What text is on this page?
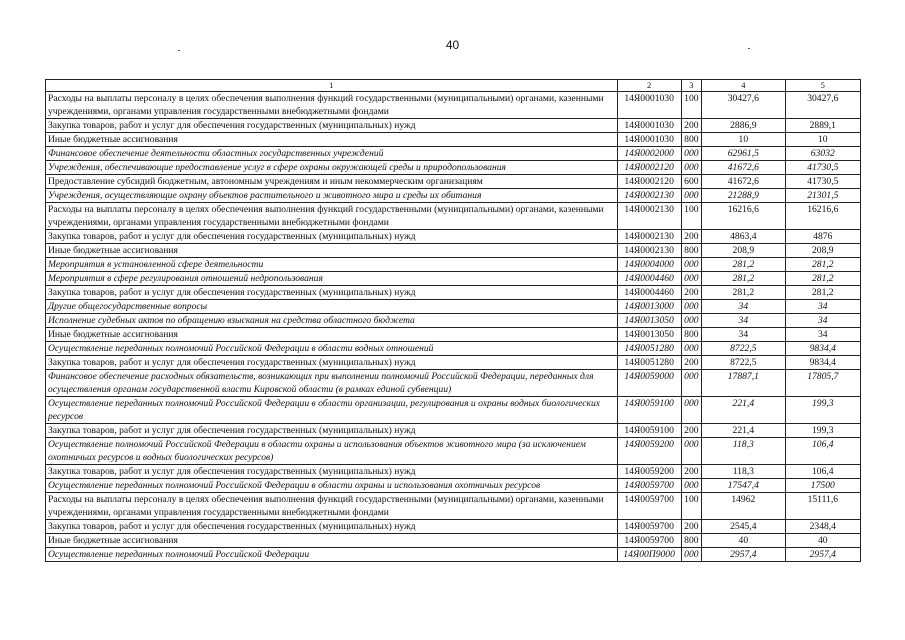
40
1	2	3	4	5
Расходы на выплаты персоналу в целях обеспечения выполнения функций государственными (муниципальными) органами, казенными учреждениями, органами управления государственными внебюджетными фондами	14Я0001030	100	30427,6	30427,6
Закупка товаров, работ и услуг для обеспечения государственных (муниципальных) нужд	14Я0001030	200	2886,9	2889,1
Иные бюджетные ассигнования	14Я0001030	800	10	10
Финансовое обеспечение деятельности областных государственных учреждений	14Я0002000	000	62961,5	63032
Учреждения, обеспечивающие предоставление услуг в сфере охраны окружающей среды и природопользования	14Я0002120	000	41672,6	41730,5
Предоставление субсидий бюджетным, автономным учреждениям и иным некоммерческим организациям	14Я0002120	600	41672,6	41730,5
Учреждения, осуществляющие охрану объектов растительного и животного мира и среды их обитания	14Я0002130	000	21288,9	21301,5
Расходы на выплаты персоналу в целях обеспечения выполнения функций государственными (муниципальными) органами, казенными учреждениями, органами управления государственными внебюджетными фондами	14Я0002130	100	16216,6	16216,6
Закупка товаров, работ и услуг для обеспечения государственных (муниципальных) нужд	14Я0002130	200	4863,4	4876
Иные бюджетные ассигнования	14Я0002130	800	208,9	208,9
Мероприятия в установленной сфере деятельности	14Я0004000	000	281,2	281,2
Мероприятия в сфере регулирования отношений недропользования	14Я0004460	000	281,2	281,2
Закупка товаров, работ и услуг для обеспечения государственных (муниципальных) нужд	14Я0004460	200	281,2	281,2
Другие общегосударственные вопросы	14Я0013000	000	34	34
Исполнение судебных актов по обращению взыскания на средства областного бюджета	14Я0013050	000	34	34
Иные бюджетные ассигнования	14Я0013050	800	34	34
Осуществление переданных полномочий Российской Федерации в области водных отношений	14Я0051280	000	8722,5	9834,4
Закупка товаров, работ и услуг для обеспечения государственных (муниципальных) нужд	14Я0051280	200	8722,5	9834,4
Финансовое обеспечение расходных обязательств, возникающих при выполнении полномочий Российской Федерации, переданных для осуществления органам государственной власти Кировской области (в рамках единой субвенции)	14Я0059000	000	17887,1	17805,7
Осуществление переданных полномочий Российской Федерации в области организации, регулирования и охраны водных биологических ресурсов	14Я0059100	000	221,4	199,3
Закупка товаров, работ и услуг для обеспечения государственных (муниципальных) нужд	14Я0059100	200	221,4	199,3
Осуществление полномочий Российской Федерации в области охраны и использования объектов животного мира (за исключением охотничьих ресурсов и водных биологических ресурсов)	14Я0059200	000	118,3	106,4
Закупка товаров, работ и услуг для обеспечения государственных (муниципальных) нужд	14Я0059200	200	118,3	106,4
Осуществление переданных полномочий Российской Федерации в области охраны и использования охотничьих ресурсов	14Я0059700	000	17547,4	17500
Расходы на выплаты персоналу в целях обеспечения выполнения функций государственными (муниципальными) органами, казенными учреждениями, органами управления государственными внебюджетными фондами	14Я0059700	100	14962	15111,6
Закупка товаров, работ и услуг для обеспечения государственных (муниципальных) нужд	14Я0059700	200	2545,4	2348,4
Иные бюджетные ассигнования	14Я0059700	800	40	40
Осуществление переданных полномочий Российской Федерации	14Я00П9000	000	2957,4	2957,4
